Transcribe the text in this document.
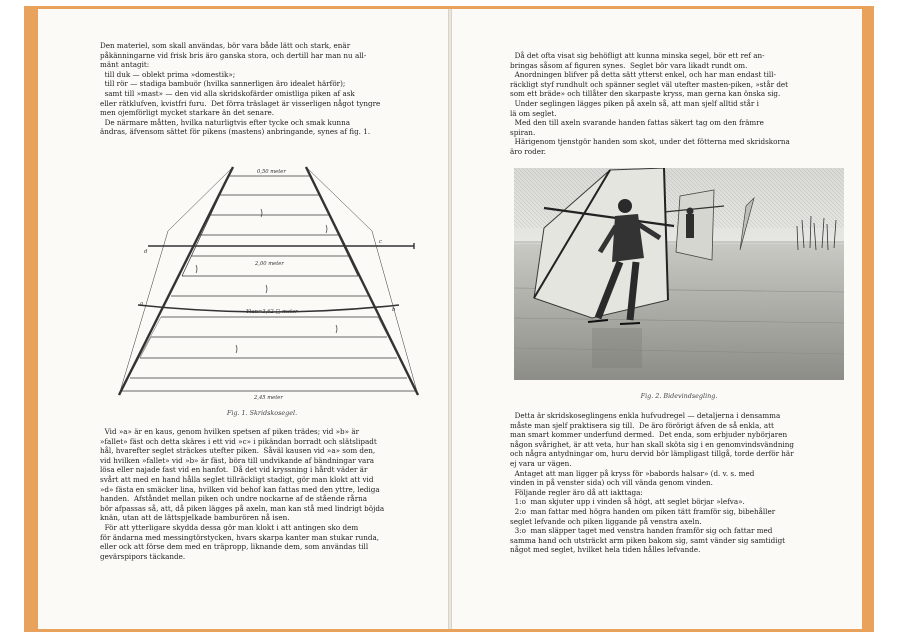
Den materiel, som skall användas, bör vara både lätt och stark, enär
påkänningarne vid frisk bris äro ganska stora, och dertill har man nu all-
mänt antagit:
till duk — oblekt prima »domestik»;
till rör — stadiga bambuör (hvilka sannerligen äro idealet härför);
samt till »mast» — den vid alla skridskofärder omistliga piken af ask
eller rätklufven, kvistfri furu.  Det förra träslaget är visserligen något tyngre
men ojemförligt mycket starkare än det senare.
De närmare måtten, hvilka naturligtvis efter tycke och smak kunna
ändras, äfvensom sättet för pikens (mastens) anbringande, synes af fig. 1.

0,50 meter
2,00 meter
Ytan=3,62 □ meter
2,45 meter
a
b
c
d

Fig. 1. Skridskosegel.

Vid »a» är en kaus, genom hvilken spetsen af piken trädes; vid »b» är
»fallet» fäst och detta skäres i ett vid »c» i pikändan borradt och slätslipadt
hål, hvarefter seglet sträckes utefter piken.  Såväl kausen vid »a» som den,
vid hvilken »fallet» vid »b» är fäst, böra till undvikande af bändningar vara
lösa eller najade fast vid en hanfot.  Då det vid kryssning i hårdt väder är
svårt att med en hand hålla seglet tillräckligt stadigt, gör man klokt att vid
»d» fästa en smäcker lina, hvilken vid behof kan fattas med den yttre, lediga
handen.  Afståndet mellan piken och undre nockarne af de stående rårna
bör afpassas så, att, då piken lägges på axeln, man kan stå med lindrigt böjda
knän, utan att de lättspjelkade bamburören nå isen.
För att ytterligare skydda dessa gör man klokt i att antingen sko dem
för ändarna med messingtörstycken, hvars skarpa kanter man stukar runda,
eller ock att förse dem med en träpropp, liknande dem, som användas till
gevärspipors täckande.

Då det ofta visat sig behöfligt att kunna minska segel, bör ett ref an-
bringas såsom af figuren synes.  Seglet bör vara likadt rundt om.
Anordningen blifver på detta sätt ytterst enkel, och har man endast till-
räckligt styf rundhult och spänner seglet väl utefter masten-piken, »står det
som ett bräde» och tillåter den skarpaste kryss, man gerna kan önska sig.
Under seglingen lägges piken på axeln så, att man sjelf alltid står i
lä om seglet.
Med den till axeln svarande handen fattas säkert tag om den främre
spiran.
Härigenom tjenstgör handen som skot, under det fötterna med skridskorna
äro roder.

Fig. 2. Bidevindsegling.

Detta är skridskoseglingens enkla hufvudregel — detaljerna i densamma
måste man sjelf praktisera sig till.  De äro förörigt äfven de så enkla, att
man smart kommer underfund dermed.  Det enda, som erbjuder nybörjaren
någon svårighet, är att veta, hur han skall sköta sig i en genomvindsvändning
och några antydningar om, huru dervid bör lämpligast tillgå, torde derför här
ej vara ur vägen.
Antaget att man ligger på kryss för »babords halsar» (d. v. s. med
vinden in på venster sida) och vill vända genom vinden.
Följande regler äro då att iakttaga:
1:o  man skjuter upp i vinden så högt, att seglet börjar »lefva».
2:o  man fattar med högra handen om piken tätt framför sig, bibehåller
seglet lefvande och piken liggande på venstra axeln.
3:o  man släpper taget med venstra handen framför sig och fattar med
samma hand och utsträckt arm piken bakom sig, samt vänder sig samtidigt
något med seglet, hvilket hela tiden hålles lefvande.
